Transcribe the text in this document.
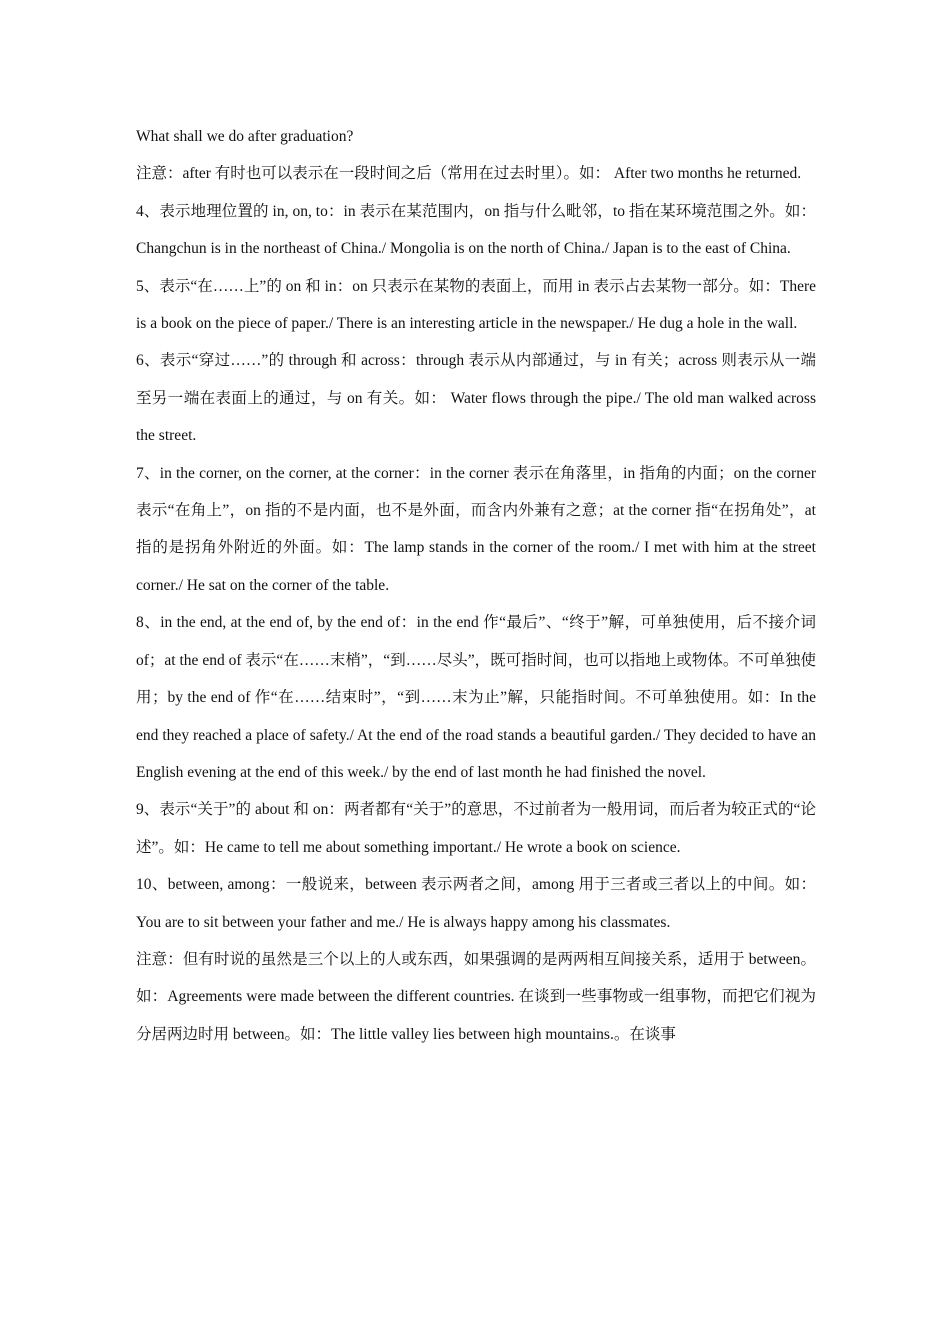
What shall we do after graduation?

注意：after 有时也可以表示在一段时间之后（常用在过去时里）。如： After two months he returned.

4、表示地理位置的 in, on, to：in 表示在某范围内，on 指与什么毗邻，to 指在某环境范围之外。如：Changchun is in the northeast of China./ Mongolia is on the north of China./ Japan is to the east of China.

5、表示“在……上”的 on 和 in：on 只表示在某物的表面上，而用 in 表示占去某物一部分。如：There is a book on the piece of paper./ There is an interesting article in the newspaper./ He dug a hole in the wall.

6、表示“穿过……”的 through 和 across：through 表示从内部通过，与 in 有关；across 则表示从一端至另一端在表面上的通过，与 on 有关。如： Water flows through the pipe./ The old man walked across the street.

7、in the corner, on the corner, at the corner：in the corner 表示在角落里，in 指角的内面；on the corner 表示“在角上”，on 指的不是内面，也不是外面，而含内外兼有之意；at the corner 指“在拐角处”，at 指的是拐角外附近的外面。如：The lamp stands in the corner of the room./ I met with him at the street corner./ He sat on the corner of the table.

8、in the end, at the end of, by the end of：in the end 作“最后”、“终于”解，可单独使用，后不接介词 of；at the end of 表示“在……末梢”，“到……尽头”，既可指时间，也可以指地上或物体。不可单独使用；by the end of 作“在……结束时”，“到……末为止”解，只能指时间。不可单独使用。如：In the end they reached a place of safety./ At the end of the road stands a beautiful garden./ They decided to have an English evening at the end of this week./ by the end of last month he had finished the novel.

9、表示“关于”的 about 和 on：两者都有“关于”的意思，不过前者为一般用词，而后者为较正式的“论述”。如：He came to tell me about something important./ He wrote a book on science.

10、between, among：一般说来，between 表示两者之间，among 用于三者或三者以上的中间。如：You are to sit between your father and me./ He is always happy among his classmates.

注意：但有时说的虽然是三个以上的人或东西，如果强调的是两两相互间接关系，适用于 between。如：Agreements were made between the different countries. 在谈到一些事物或一组事物，而把它们视为分居两边时用 between。如：The little valley lies between high mountains.。在谈事
